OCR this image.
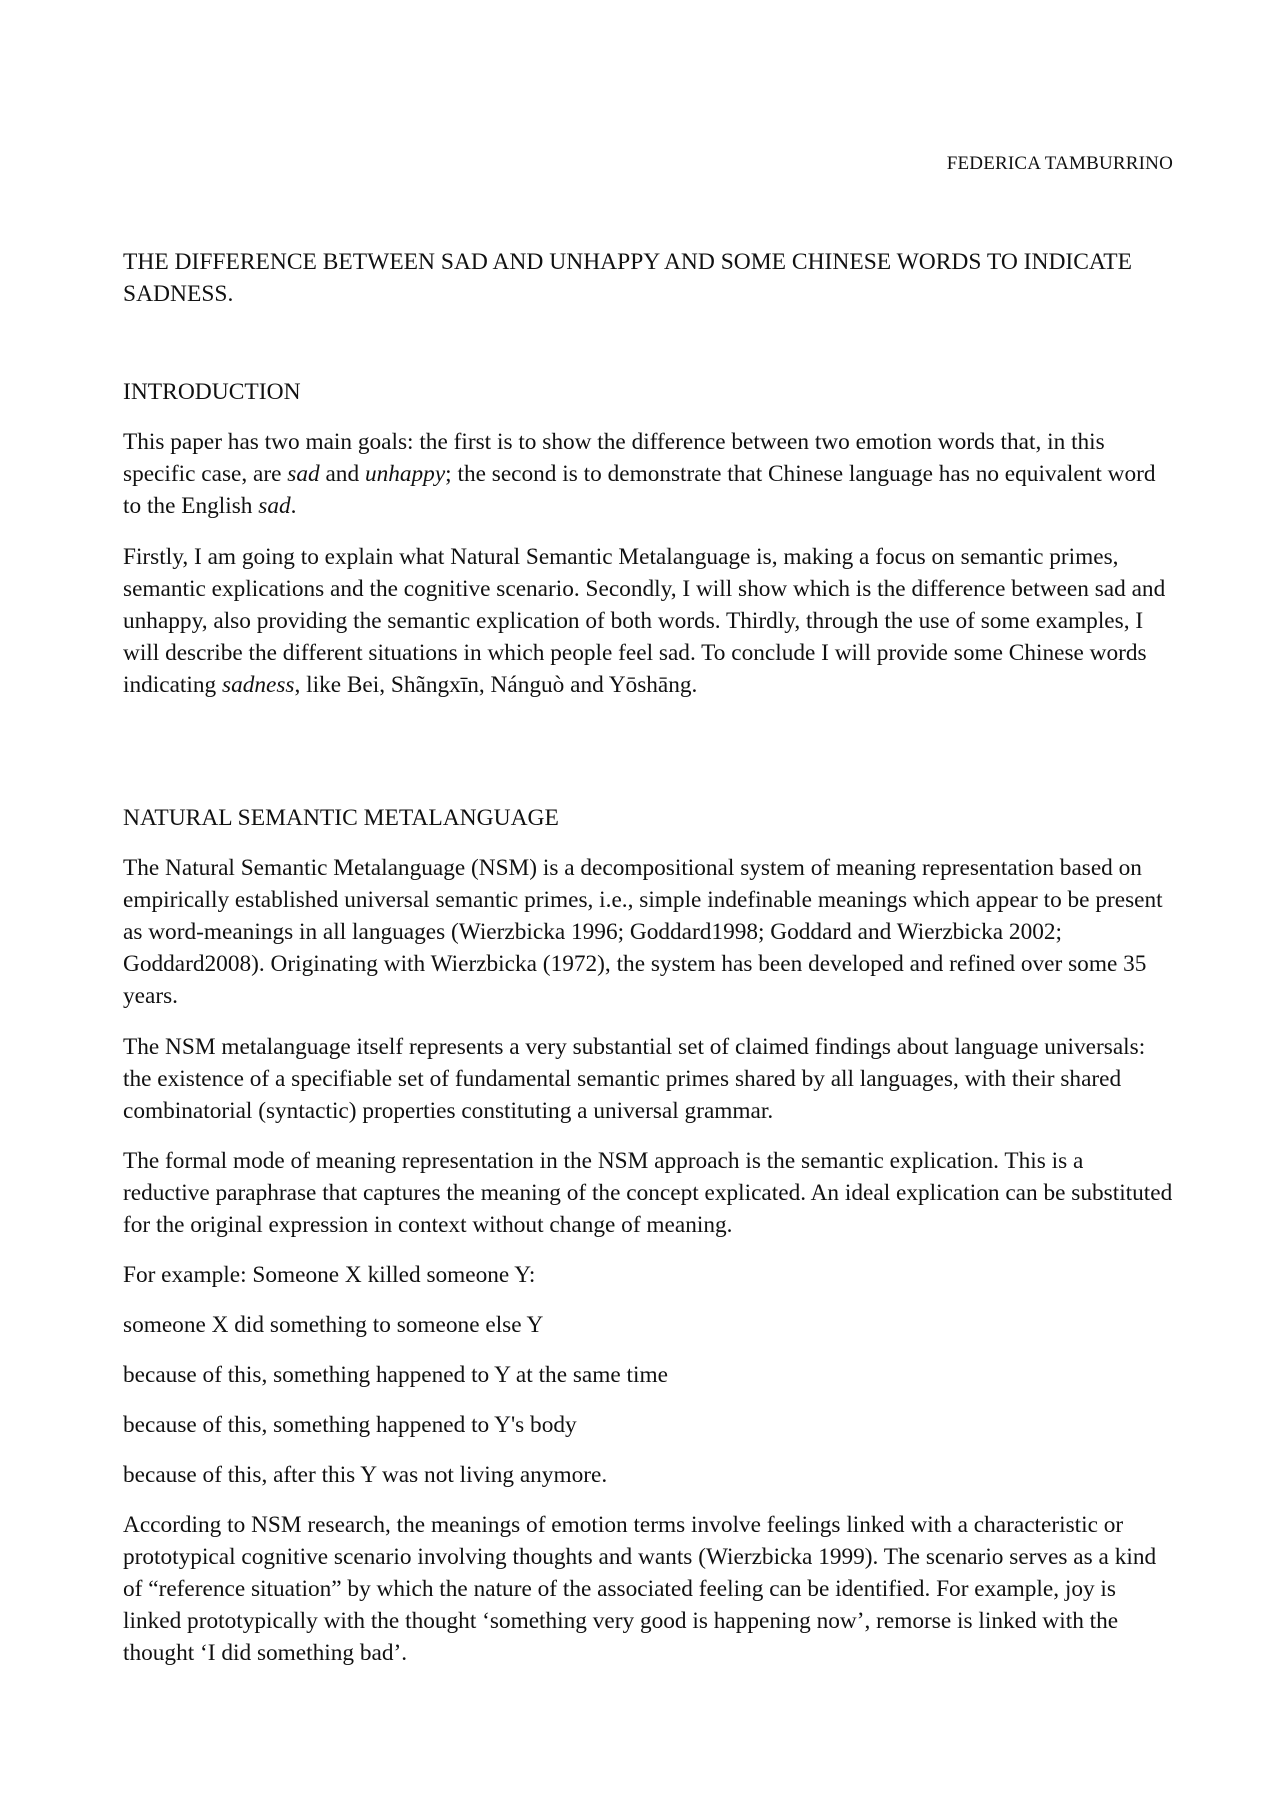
FEDERICA TAMBURRINO
THE DIFFERENCE BETWEEN SAD AND UNHAPPY AND SOME CHINESE WORDS TO INDICATE SADNESS.
INTRODUCTION

This paper has two main goals: the first is to show the difference between two emotion words that, in this specific case, are sad and unhappy; the second is to demonstrate that Chinese language has no equivalent word to the English sad.

Firstly, I am going to explain what Natural Semantic Metalanguage is, making a focus on semantic primes, semantic explications and the cognitive scenario. Secondly, I will show which is the difference between sad and unhappy, also providing the semantic explication of both words. Thirdly, through the use of some examples, I will describe the different situations in which people feel sad. To conclude I will provide some Chinese words indicating sadness, like Bei, Shãngxīn, Nánguò and Yōshāng.

NATURAL SEMANTIC METALANGUAGE

The Natural Semantic Metalanguage (NSM) is a decompositional system of meaning representation based on empirically established universal semantic primes, i.e., simple indefinable meanings which appear to be present as word-meanings in all languages (Wierzbicka 1996; Goddard1998; Goddard and Wierzbicka 2002; Goddard2008). Originating with Wierzbicka (1972), the system has been developed and refined over some 35 years.

The NSM metalanguage itself represents a very substantial set of claimed findings about language universals: the existence of a specifiable set of fundamental semantic primes shared by all languages, with their shared combinatorial (syntactic) properties constituting a universal grammar.

The formal mode of meaning representation in the NSM approach is the semantic explication. This is a reductive paraphrase that captures the meaning of the concept explicated. An ideal explication can be substituted for the original expression in context without change of meaning.

For example: Someone X killed someone Y:

someone X did something to someone else Y

because of this, something happened to Y at the same time

because of this, something happened to Y's body

because of this, after this Y was not living anymore.

According to NSM research, the meanings of emotion terms involve feelings linked with a characteristic or prototypical cognitive scenario involving thoughts and wants (Wierzbicka 1999). The scenario serves as a kind of “reference situation” by which the nature of the associated feeling can be identified. For example, joy is linked prototypically with the thought ‘something very good is happening now’, remorse is linked with the thought ‘I did something bad’.
